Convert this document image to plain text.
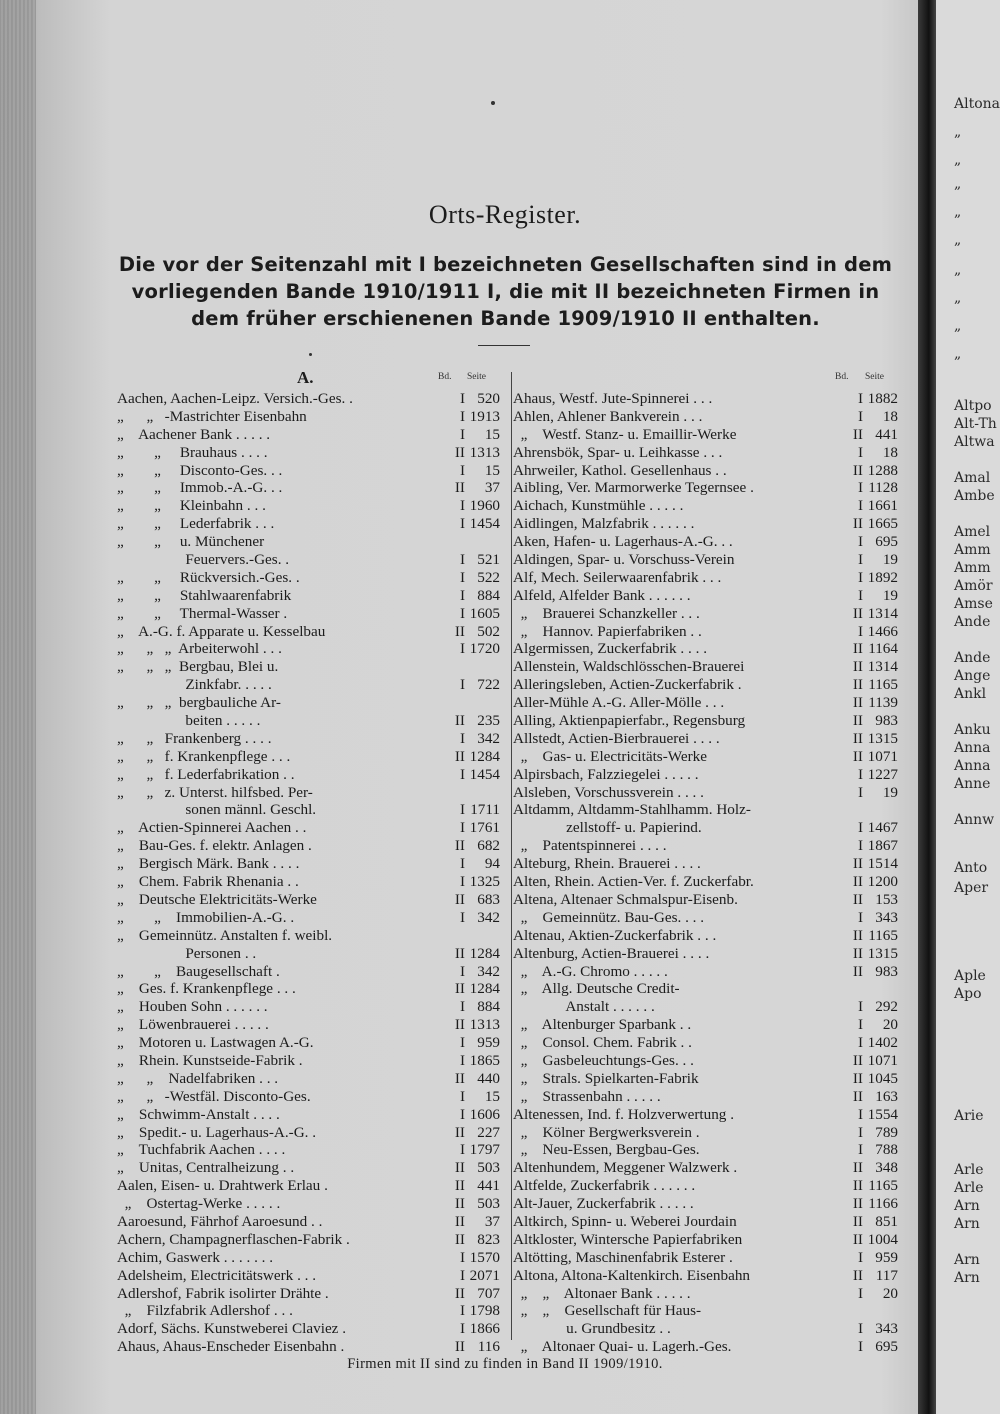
Orts-Register.
Die vor der Seitenzahl mit I bezeichneten Gesellschaften sind in dem vorliegenden Bande 1910/1911 I, die mit II bezeichneten Firmen in dem früher erschienenen Bande 1909/1910 II enthalten.
A.	Bd. Seite	Bd. Seite
Aachen, Aachen-Leipz. Versich.-Ges. .	I 520
„      „   -Mastrichter Eisenbahn	I 1913
„    Aachener Bank . . . . .	I	15
„        „     Brauhaus . . . .	II 1313
„        „     Disconto-Ges. . .	I	15
„        „     Immob.-A.-G. . .	II	37
„        „     Kleinbahn . . .	I 1960
„        „     Lederfabrik . . .	I 1454
„        „     u. Münchener
Feuervers.-Ges. .	I 521
„        „     Rückversich.-Ges. .	I 522
„        „     Stahlwaarenfabrik	I 884
„        „     Thermal-Wasser .	I 1605
„    A.-G. f. Apparate u. Kesselbau	II 502
„      „   „  Arbeiterwohl . . .	I 1720
„      „   „  Bergbau, Blei u.
Zinkfabr. . . . .	I 722
„      „   „  bergbauliche Ar-
beiten . . . . .	II 235
„      „   Frankenberg . . . .	I 342
„      „   f. Krankenpflege . . .	II 1284
„      „   f. Lederfabrikation . .	I 1454
„      „   z. Unterst. hilfsbed. Per-
sonen männl. Geschl.	I 1711
„    Actien-Spinnerei Aachen . .	I 1761
„    Bau-Ges. f. elektr. Anlagen .	II 682
„    Bergisch Märk. Bank . . . .	I	94
„    Chem. Fabrik Rhenania . .	I 1325
„    Deutsche Elektricitäts-Werke	II 683
„        „    Immobilien-A.-G. .	I 342
„    Gemeinnütz. Anstalten f. weibl.
Personen . .	II 1284
„        „    Baugesellschaft .	I 342
„    Ges. f. Krankenpflege . . .	II 1284
„    Houben Sohn . . . . . .	I 884
„    Löwenbrauerei . . . . .	II 1313
„    Motoren u. Lastwagen A.-G.	I 959
„    Rhein. Kunstseide-Fabrik .	I 1865
„      „    Nadelfabriken . . .	II 440
„      „   -Westfäl. Disconto-Ges.	I	15
„    Schwimm-Anstalt . . . .	I 1606
„    Spedit.- u. Lagerhaus-A.-G. .	II 227
„    Tuchfabrik Aachen . . . .	I 1797
„    Unitas, Centralheizung . .	II 503
Aalen, Eisen- u. Drahtwerk Erlau .	II 441
„    Ostertag-Werke . . . . .	II 503
Aaroesund, Fährhof Aaroesund . .	II	37
Achern, Champagnerflaschen-Fabrik .	II 823
Achim, Gaswerk . . . . . . .	I 1570
Adelsheim, Electricitätswerk . . .	I 2071
Adlershof, Fabrik isolirter Drähte .	II 707
„    Filzfabrik Adlershof . . .	I 1798
Adorf, Sächs. Kunstweberei Claviez .	I 1866
Ahaus, Ahaus-Enscheder Eisenbahn .	II 116
Ahaus, Westf. Jute-Spinnerei . . .	I 1882
Ahlen, Ahlener Bankverein . . .	I	18
„    Westf. Stanz- u. Emaillir-Werke	II 441
Ahrensbök, Spar- u. Leihkasse . . .	I	18
Ahrweiler, Kathol. Gesellenhaus . .	II 1288
Aibling, Ver. Marmorwerke Tegernsee .	I 1128
Aichach, Kunstmühle . . . . .	I 1661
Aidlingen, Malzfabrik . . . . . .	II 1665
Aken, Hafen- u. Lagerhaus-A.-G. . .	I 695
Aldingen, Spar- u. Vorschuss-Verein	I	19
Alf, Mech. Seilerwaarenfabrik . . .	I 1892
Alfeld, Alfelder Bank . . . . . .	I	19
„    Brauerei Schanzkeller . . .	II 1314
„    Hannov. Papierfabriken . .	I 1466
Algermissen, Zuckerfabrik . . . .	II 1164
Allenstein, Waldschlösschen-Brauerei	II 1314
Alleringsleben, Actien-Zuckerfabrik .	II 1165
Aller-Mühle A.-G. Aller-Mölle . . .	II 1139
Alling, Aktienpapierfabr., Regensburg	II 983
Allstedt, Actien-Bierbrauerei . . . .	II 1315
„    Gas- u. Electricitäts-Werke	II 1071
Alpirsbach, Falzziegelei . . . . .	I 1227
Alsleben, Vorschussverein . . . .	I	19
Altdamm, Altdamm-Stahlhamm. Holz-
zellstoff- u. Papierind.	I 1467
„    Patentspinnerei . . . .	I 1867
Alteburg, Rhein. Brauerei . . . .	II 1514
Alten, Rhein. Actien-Ver. f. Zuckerfabr.	II 1200
Altena, Altenaer Schmalspur-Eisenb.	II 153
„    Gemeinnütz. Bau-Ges. . . .	I 343
Altenau, Aktien-Zuckerfabrik . . .	II 1165
Altenburg, Actien-Brauerei . . . .	II 1315
„    A.-G. Chromo . . . . .	II 983
„    Allg. Deutsche Credit-
Anstalt . . . . . .	I 292
„    Altenburger Sparbank . .	I	20
„    Consol. Chem. Fabrik . .	I 1402
„    Gasbeleuchtungs-Ges. . .	II 1071
„    Strals. Spielkarten-Fabrik	II 1045
„    Strassenbahn . . . . .	II 163
Altenessen, Ind. f. Holzverwertung .	I 1554
„    Kölner Bergwerksverein .	I 789
„    Neu-Essen, Bergbau-Ges.	I 788
Altenhundem, Meggener Walzwerk .	II 348
Altfelde, Zuckerfabrik . . . . . .	II 1165
Alt-Jauer, Zuckerfabrik . . . . .	II 1166
Altkirch, Spinn- u. Weberei Jourdain	II 851
Altkloster, Wintersche Papierfabriken	II 1004
Altötting, Maschinenfabrik Esterer .	I 959
Altona, Altona-Kaltenkirch. Eisenbahn	II 117
„    „    Altonaer Bank . . . . .	I	20
„    „    Gesellschaft für Haus-
u. Grundbesitz . .	I 343
„    Altonaer Quai- u. Lagerh.-Ges.	I 695
Firmen mit II sind zu finden in Band II 1909/1910.
Altona
„
„
„
„
„
„
„
„
„
Altpo
Alt-Th
Altwa
Amal
Ambe
Amel
Amm
Amm
Amör
Amse
Ande
Ande
Ange
Ankl
Anku
Anna
Anna
Anne
Annw
Anto
Aper
Aple
Apo
Arie
Arle
Arle
Arn
Arn
Arn
Arn
